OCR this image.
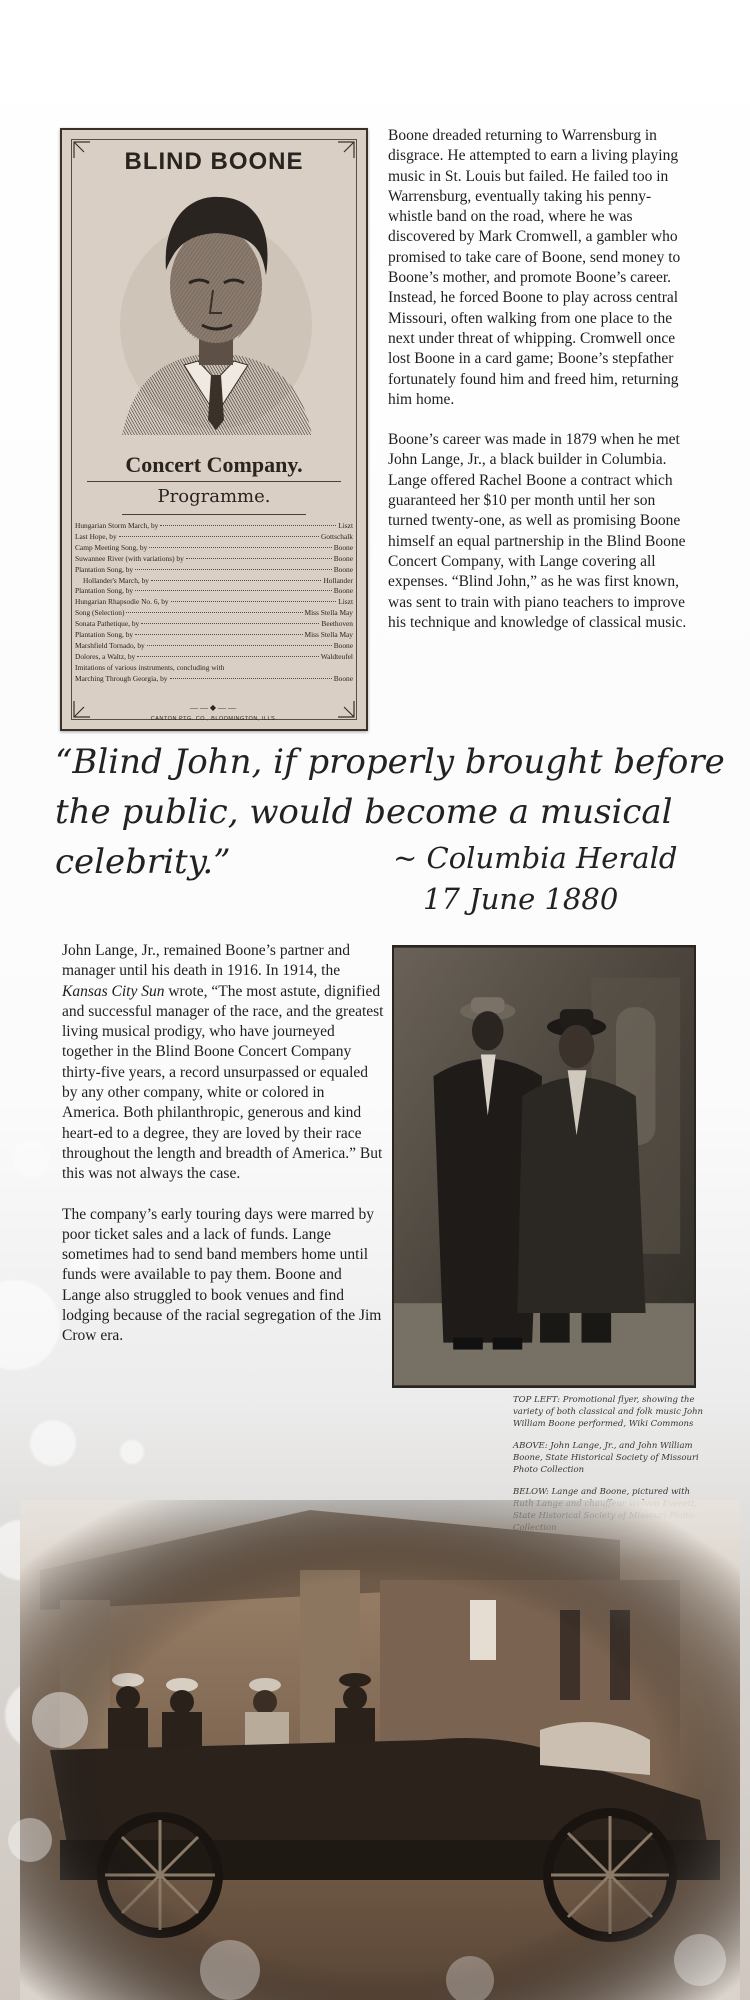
BLIND BOONE
Concert Company.
Programme.
Hungarian Storm March, by	Liszt
Last Hope, by	Gottschalk
Camp Meeting Song, by	Boone
Suwannee River (with variations) by	Boone
Plantation Song, by	Boone
Hollander's March, by	Hollander
Plantation Song, by	Boone
Hungarian Rhapsodie No. 6, by	Liszt
Song (Selection)	Miss Stella May
Sonata Pathetique, by	Beethoven
Plantation Song, by	Miss Stella May
Marshfield Tornado, by	Boone
Dolores, a Waltz, by	Waldteufel
Imitations of various instruments, concluding with
Marching Through Georgia, by	Boone
——◆——
CANTON PTG. CO., BLOOMINGTON, ILLS.

Boone dreaded returning to Warrensburg in disgrace. He attempted to earn a living playing music in St. Louis but failed. He failed too in Warrensburg, eventually taking his penny-whistle band on the road, where he was discovered by Mark Cromwell, a gambler who promised to take care of Boone, send money to Boone’s mother, and promote Boone’s career. Instead, he forced Boone to play across central Missouri, often walking from one place to the next under threat of whipping. Cromwell once lost Boone in a card game; Boone’s stepfather fortunately found him and freed him, returning him home.

Boone’s career was made in 1879 when he met John Lange, Jr., a black builder in Columbia. Lange offered Rachel Boone a contract which guaranteed her $10 per month until her son turned twenty-one, as well as promising Boone himself an equal partnership in the Blind Boone Concert Company, with Lange covering all expenses. “Blind John,” as he was first known, was sent to train with piano teachers to improve his technique and knowledge of classical music.

“Blind John, if properly brought before the public, would become a musical celebrity.”	~ Columbia Herald
17 June 1880

John Lange, Jr., remained Boone’s partner and manager until his death in 1916. In 1914, the Kansas City Sun wrote, “The most astute, dignified and successful manager of the race, and the greatest living musical prodigy, who have journeyed together in the Blind Boone Concert Company thirty-five years, a record unsurpassed or equaled by any other company, white or colored in America. Both philanthropic, generous and kind heart-ed to a degree, they are loved by their race throughout the length and breadth of America.” But this was not always the case.

The company’s early touring days were marred by poor ticket sales and a lack of funds. Lange sometimes had to send band members home until funds were available to pay them. Boone and Lange also struggled to book venues and find lodging because of the racial segregation of the Jim Crow era.

TOP LEFT: Promotional flyer, showing the variety of both classical and folk music John William Boone performed, Wiki Commons

ABOVE: John Lange, Jr., and John William Boone, State Historical Society of Missouri Photo Collection

BELOW: Lange and Boone, pictured with
